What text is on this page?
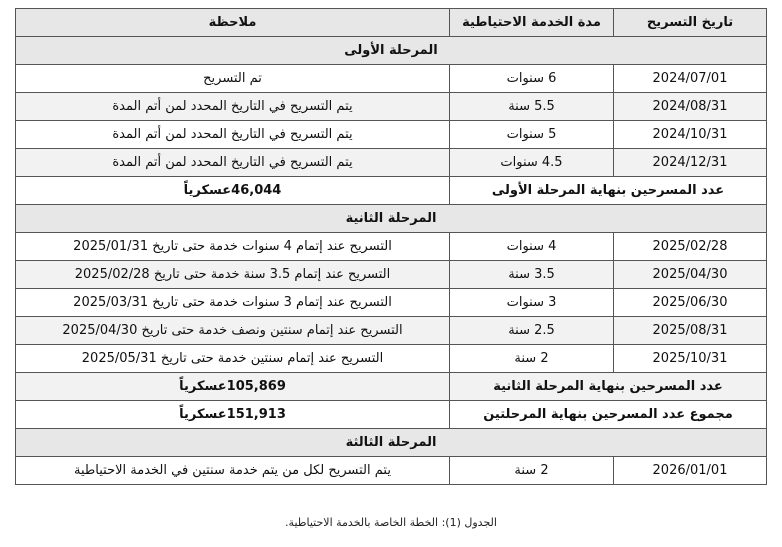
تاريخ التسريح	مدة الخدمة الاحتياطية	ملاحظة
المرحلة الأولى		
2024/07/01	6 سنوات	تم التسريح
2024/08/31	5.5 سنة	يتم التسريح في التاريخ المحدد لمن أتم المدة
2024/10/31	5 سنوات	يتم التسريح في التاريخ المحدد لمن أتم المدة
2024/12/31	4.5 سنوات	يتم التسريح في التاريخ المحدد لمن أتم المدة
عدد المسرحين بنهاية المرحلة الأولى		46,044عسكرياً
المرحلة الثانية		
2025/02/28	4 سنوات	التسريح عند إتمام 4 سنوات خدمة حتى تاريخ 2025/01/31
2025/04/30	3.5 سنة	التسريح عند إتمام 3.5 سنة خدمة حتى تاريخ 2025/02/28
2025/06/30	3 سنوات	التسريح عند إتمام 3 سنوات خدمة حتى تاريخ 2025/03/31
2025/08/31	2.5 سنة	التسريح عند إتمام سنتين ونصف خدمة حتى تاريخ 2025/04/30
2025/10/31	2 سنة	التسريح عند إتمام سنتين خدمة حتى تاريخ 2025/05/31
عدد المسرحين بنهاية المرحلة الثانية		105,869عسكرياً
مجموع عدد المسرحين بنهاية المرحلتين		151,913عسكرياً
المرحلة الثالثة		
2026/01/01	2 سنة	يتم التسريح لكل من يتم خدمة سنتين في الخدمة الاحتياطية
الجدول (1): الخطة الخاصة بالخدمة الاحتياطية.
